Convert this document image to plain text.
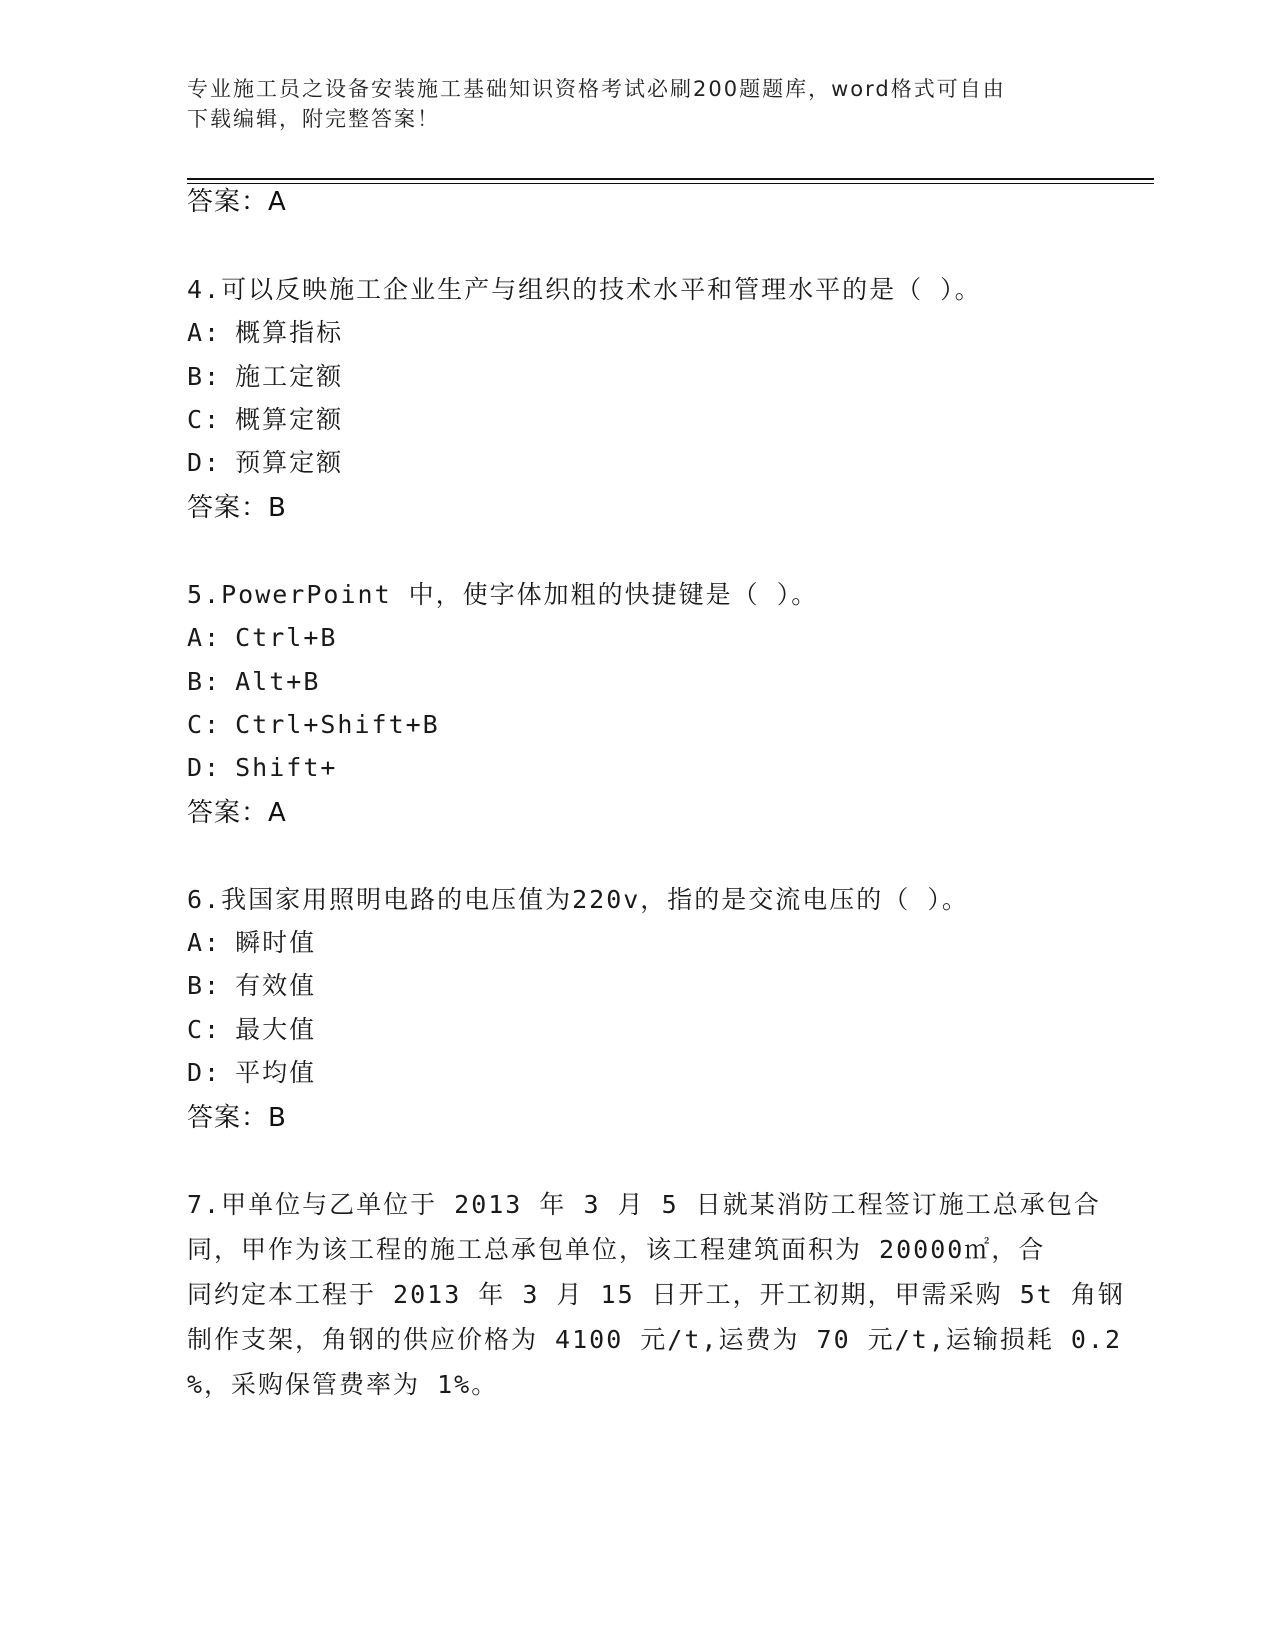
专业施工员之设备安装施工基础知识资格考试必刷200题题库，word格式可自由
下载编辑，附完整答案！
答案：A
4.可以反映施工企业生产与组织的技术水平和管理水平的是（ ）。
A: 概算指标
B: 施工定额
C: 概算定额
D: 预算定额
答案：B
5.PowerPoint 中，使字体加粗的快捷键是（ ）。
A: Ctrl+B
B: Alt+B
C: Ctrl+Shift+B
D: Shift+
答案：A
6.我国家用照明电路的电压值为220v，指的是交流电压的（ ）。
A: 瞬时值
B: 有效值
C: 最大值
D: 平均值
答案：B
7.甲单位与乙单位于 2013 年 3 月 5 日就某消防工程签订施工总承包合
同，甲作为该工程的施工总承包单位，该工程建筑面积为 20000㎡，合
同约定本工程于 2013 年 3 月 15 日开工，开工初期，甲需采购 5t 角钢
制作支架，角钢的供应价格为 4100 元/t,运费为 70 元/t,运输损耗 0.2
%，采购保管费率为 1%。
